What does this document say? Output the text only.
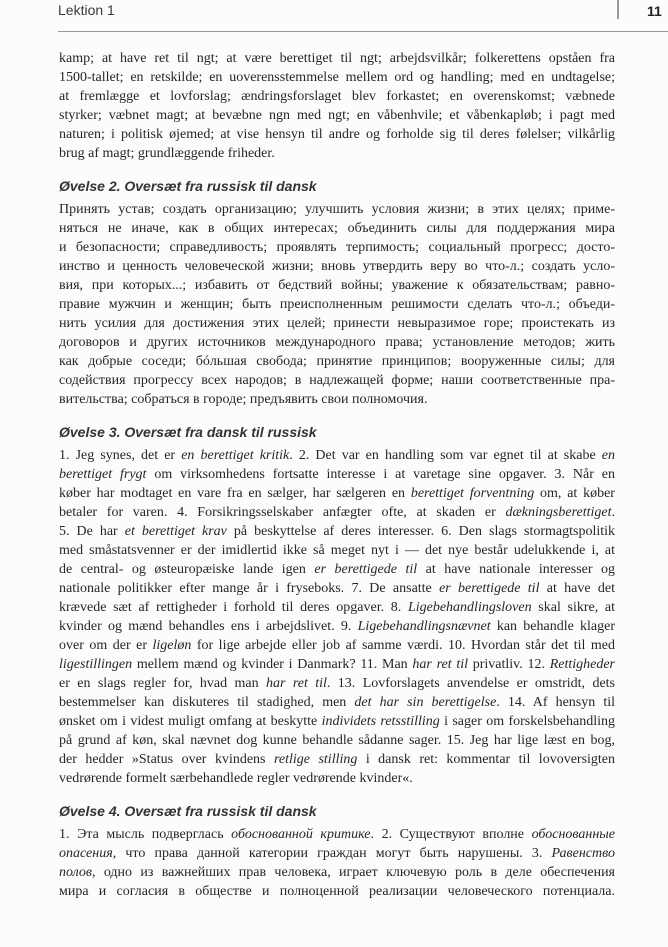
Lektion 1	11
kamp; at have ret til ngt; at være berettiget til ngt; arbejdsvilkår; folkerettens opståen fra
1500-tallet; en retskilde; en uoverensstemmelse mellem ord og handling; med en undtagelse;
at fremlægge et lovforslag; ændringsforslaget blev forkastet; en overenskomst; væbnede
styrker; væbnet magt; at bevæbne ngn med ngt; en våbenhvile; et våbenkapløb; i pagt med
naturen; i politisk øjemed; at vise hensyn til andre og forholde sig til deres følelser; vilkårlig
brug af magt; grundlæggende friheder.
Øvelse 2. Oversæt fra russisk til dansk
Принять устав; создать организацию; улучшить условия жизни; в этих целях; приме-
няться не иначе, как в общих интересах; объединить силы для поддержания мира
и безопасности; справедливость; проявлять терпимость; социальный прогресс; досто-
инство и ценность человеческой жизни; вновь утвердить веру во что-л.; создать усло-
вия, при которых...; избавить от бедствий войны; уважение к обязательствам; равно-
правие мужчин и женщин; быть преисполненным решимости сделать что-л.; объеди-
нить усилия для достижения этих целей; принести невыразимое горе; проистекать из
договоров и других источников международного права; установление методов; жить
как добрые соседи; бóльшая свобода; принятие принципов; вооруженные силы; для
содействия прогрессу всех народов; в надлежащей форме; наши соответственные пра-
вительства; собраться в городе; предъявить свои полномочия.
Øvelse 3. Oversæt fra dansk til russisk
1. Jeg synes, det er en berettiget kritik. 2. Det var en handling som var egnet til at skabe en
berettiget frygt om virksomhedens fortsatte interesse i at varetage sine opgaver. 3. Når en
køber har modtaget en vare fra en sælger, har sælgeren en berettiget forventning om, at køber
betaler for varen. 4. Forsikringsselskaber anfægter ofte, at skaden er dækningsberettiget.
5. De har et berettiget krav på beskyttelse af deres interesser. 6. Den slags stormagtspolitik
med småstatsvenner er der imidlertid ikke så meget nyt i — det nye består udelukkende i, at
de central- og østeuropæiske lande igen er berettigede til at have nationale interesser og
nationale politikker efter mange år i fryseboks. 7. De ansatte er berettigede til at have det
krævede sæt af rettigheder i forhold til deres opgaver. 8. Ligebehandlingsloven skal sikre, at
kvinder og mænd behandles ens i arbejdslivet. 9. Ligebehandlingsnævnet kan behandle klager
over om der er ligeløn for lige arbejde eller job af samme værdi. 10. Hvordan står det til med
ligestillingen mellem mænd og kvinder i Danmark? 11. Man har ret til privatliv. 12. Rettigheder
er en slags regler for, hvad man har ret til. 13. Lovforslagets anvendelse er omstridt, dets
bestemmelser kan diskuteres til stadighed, men det har sin berettigelse. 14. Af hensyn til
ønsket om i videst muligt omfang at beskytte individets retsstilling i sager om forskelsbehandling
på grund af køn, skal nævnet dog kunne behandle sådanne sager. 15. Jeg har lige læst en bog,
der hedder »Status over kvindens retlige stilling i dansk ret: kommentar til lovoversigten
vedrørende formelt særbehandlede regler vedrørende kvinder«.
Øvelse 4. Oversæt fra russisk til dansk
1. Эта мысль подверглась обоснованной критике. 2. Существуют вполне обоснованные
опасения, что права данной категории граждан могут быть нарушены. 3. Равенство
полов, одно из важнейших прав человека, играет ключевую роль в деле обеспечения
мира и согласия в обществе и полноценной реализации человеческого потенциала.
